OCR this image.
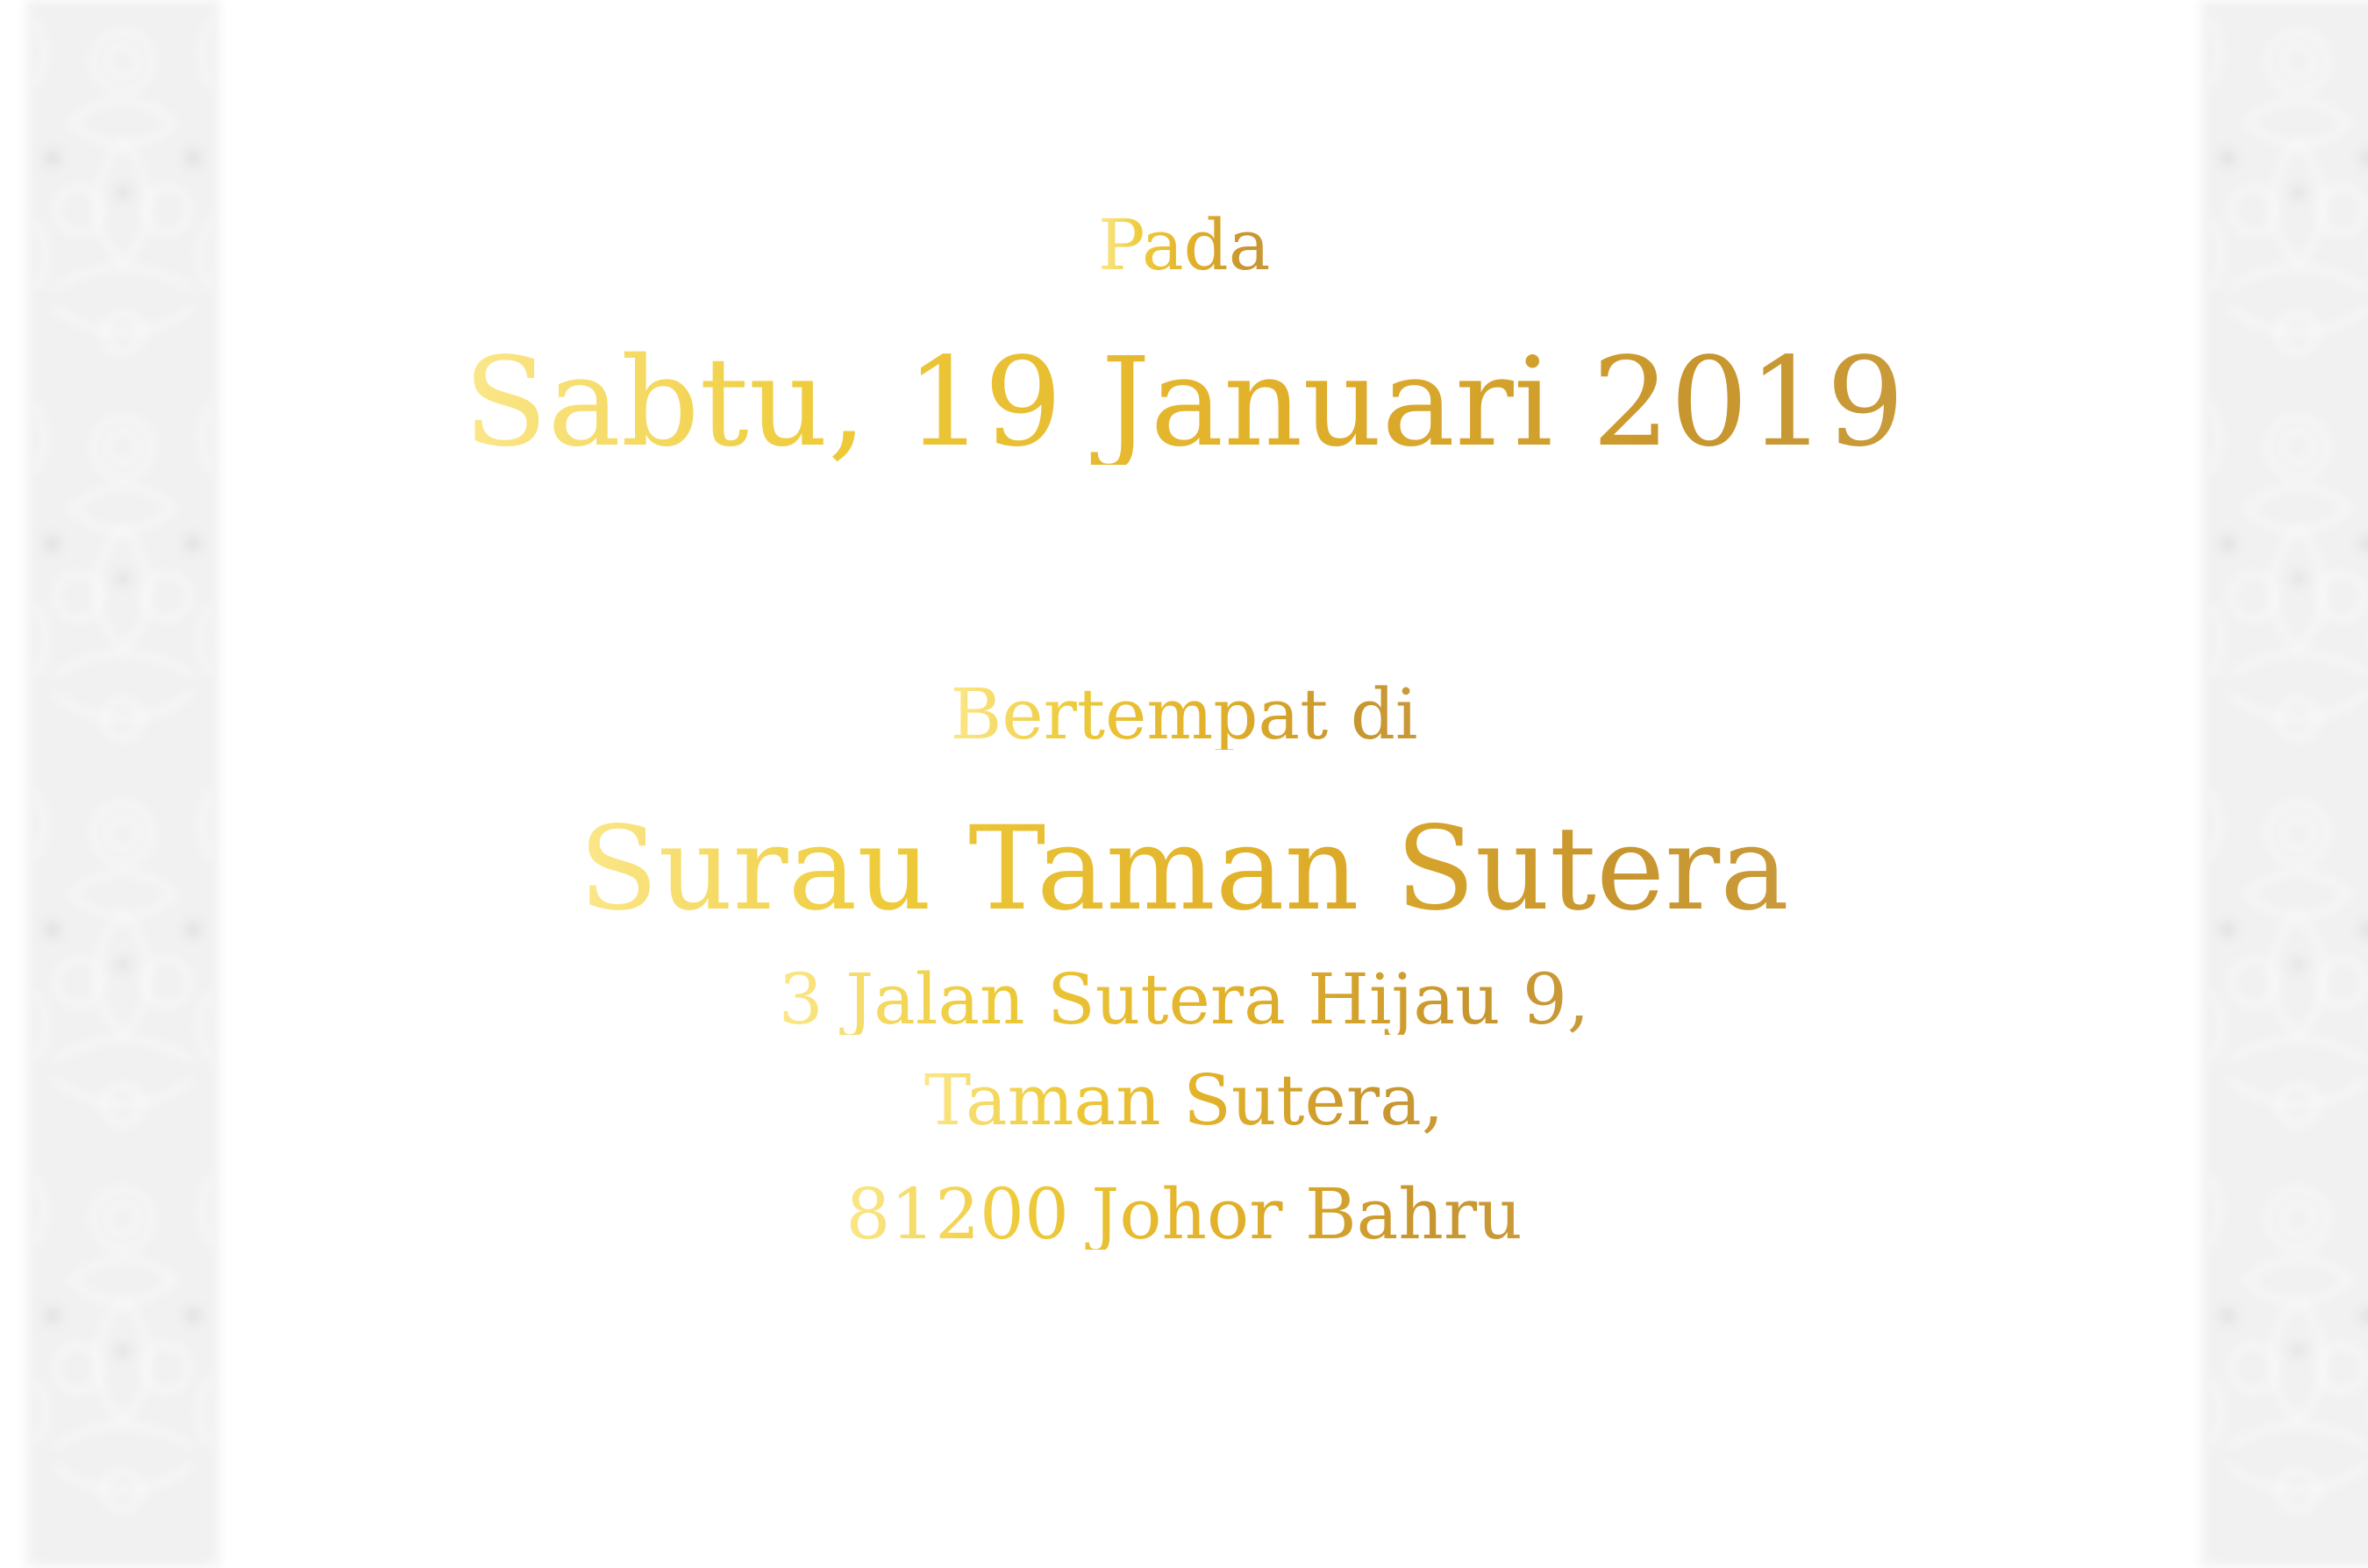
Pada
Sabtu, 19 Januari 2019
Bertempat di
Surau Taman Sutera
3 Jalan Sutera Hijau 9,
Taman Sutera,
81200 Johor Bahru
